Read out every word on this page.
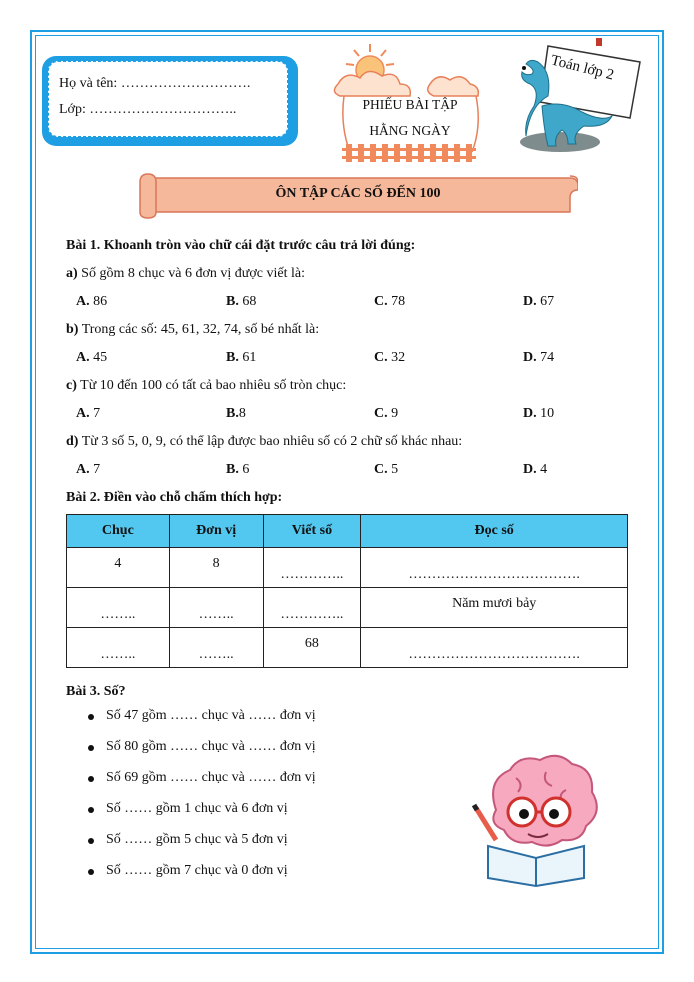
Họ và tên: ……………………….
Lớp: …………………………..	PHIẾU BÀI TẬP
HẰNG NGÀY
Toán lớp 2
ÔN TẬP CÁC SỐ ĐẾN 100
Bài 1. Khoanh tròn vào chữ cái đặt trước câu trả lời đúng:
a) Số gồm 8 chục và 6 đơn vị được viết là:
A. 86	B. 68	C. 78	D. 67
b) Trong các số: 45, 61, 32, 74, số bé nhất là:
A. 45	B. 61	C. 32	D. 74
c) Từ 10 đến 100 có tất cả bao nhiêu số tròn chục:
A. 7	B.8	C. 9	D. 10
d) Từ 3 số 5, 0, 9, có thể lập được bao nhiêu số có 2 chữ số khác nhau:
A. 7	B. 6	C. 5	D. 4
Bài 2. Điền vào chỗ chấm thích hợp:
Chục	Đơn vị	Viết số	Đọc số
4	8	…………..	……………………………….
……..	……..	…………..	Năm mươi bảy
……..	……..	68	……………………………….
Bài 3. Số?
Số 47 gồm …… chục và …… đơn vị
Số 80 gồm …… chục và …… đơn vị
Số 69 gồm …… chục và …… đơn vị
Số …… gồm 1 chục và 6 đơn vị
Số …… gồm 5 chục và 5 đơn vị
Số …… gồm 7 chục và 0 đơn vị
